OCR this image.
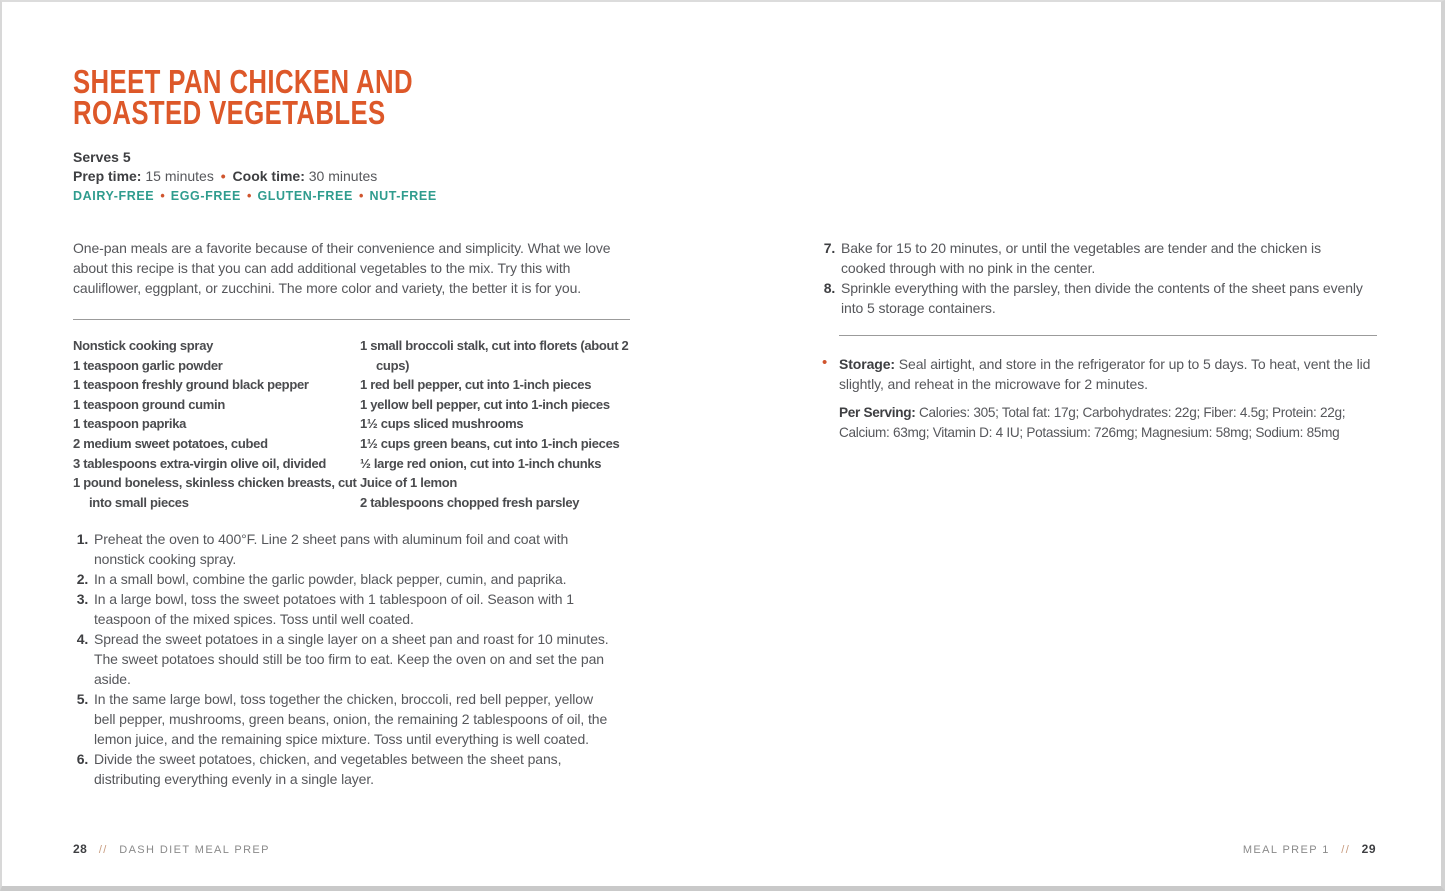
SHEET PAN CHICKEN AND
ROASTED VEGETABLES
Serves 5
Prep time: 15 minutes • Cook time: 30 minutes
DAIRY-FREE • EGG-FREE • GLUTEN-FREE • NUT-FREE

One-pan meals are a favorite because of their convenience and simplicity. What we love about this recipe is that you can add additional vegetables to the mix. Try this with cauliflower, eggplant, or zucchini. The more color and variety, the better it is for you.

Nonstick cooking spray
1 teaspoon garlic powder
1 teaspoon freshly ground black pepper
1 teaspoon ground cumin
1 teaspoon paprika
2 medium sweet potatoes, cubed
3 tablespoons extra-virgin olive oil, divided
1 pound boneless, skinless chicken breasts, cut into small pieces
1 small broccoli stalk, cut into florets (about 2 cups)
1 red bell pepper, cut into 1-inch pieces
1 yellow bell pepper, cut into 1-inch pieces
1½ cups sliced mushrooms
1½ cups green beans, cut into 1-inch pieces
½ large red onion, cut into 1-inch chunks
Juice of 1 lemon
2 tablespoons chopped fresh parsley
1. Preheat the oven to 400°F. Line 2 sheet pans with aluminum foil and coat with nonstick cooking spray.
2. In a small bowl, combine the garlic powder, black pepper, cumin, and paprika.
3. In a large bowl, toss the sweet potatoes with 1 tablespoon of oil. Season with 1 teaspoon of the mixed spices. Toss until well coated.
4. Spread the sweet potatoes in a single layer on a sheet pan and roast for 10 minutes. The sweet potatoes should still be too firm to eat. Keep the oven on and set the pan aside.
5. In the same large bowl, toss together the chicken, broccoli, red bell pepper, yellow bell pepper, mushrooms, green beans, onion, the remaining 2 tablespoons of oil, the lemon juice, and the remaining spice mixture. Toss until everything is well coated.
6. Divide the sweet potatoes, chicken, and vegetables between the sheet pans, distributing everything evenly in a single layer.
28 // DASH DIET MEAL PREP
7. Bake for 15 to 20 minutes, or until the vegetables are tender and the chicken is cooked through with no pink in the center.
8. Sprinkle everything with the parsley, then divide the contents of the sheet pans evenly into 5 storage containers.

• Storage: Seal airtight, and store in the refrigerator for up to 5 days. To heat, vent the lid slightly, and reheat in the microwave for 2 minutes.

Per Serving: Calories: 305; Total fat: 17g; Carbohydrates: 22g; Fiber: 4.5g; Protein: 22g; Calcium: 63mg; Vitamin D: 4 IU; Potassium: 726mg; Magnesium: 58mg; Sodium: 85mg

MEAL PREP 1 // 29
